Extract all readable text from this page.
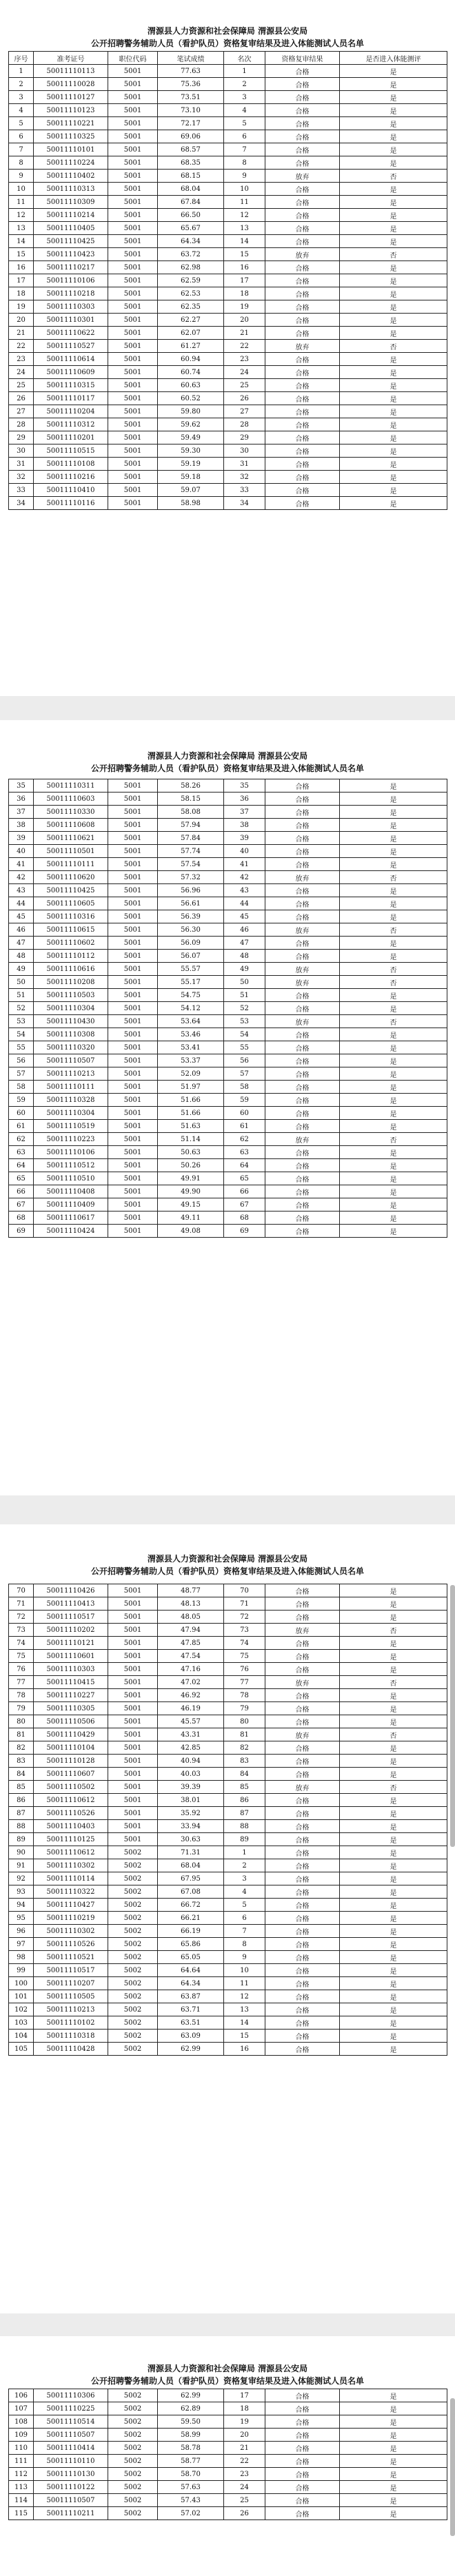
渭源县人力资源和社会保障局 渭源县公安局
公开招聘警务辅助人员（看护队员）资格复审结果及进入体能测试人员名单
序号	准考证号	职位代码	笔试成绩	名次	资格复审结果	是否进入体能测评
1	50011110113	5001	77.63	1	合格	是
2	50011110028	5001	75.36	2	合格	是
3	50011110127	5001	73.51	3	合格	是
4	50011110123	5001	73.10	4	合格	是
5	50011110221	5001	72.17	5	合格	是
6	50011110325	5001	69.06	6	合格	是
7	50011110101	5001	68.57	7	合格	是
8	50011110224	5001	68.35	8	合格	是
9	50011110402	5001	68.15	9	放弃	否
10	50011110313	5001	68.04	10	合格	是
11	50011110309	5001	67.84	11	合格	是
12	50011110214	5001	66.50	12	合格	是
13	50011110405	5001	65.67	13	合格	是
14	50011110425	5001	64.34	14	合格	是
15	50011110423	5001	63.72	15	放弃	否
16	50011110217	5001	62.98	16	合格	是
17	50011110106	5001	62.59	17	合格	是
18	50011110218	5001	62.53	18	合格	是
19	50011110303	5001	62.35	19	合格	是
20	50011110301	5001	62.27	20	合格	是
21	50011110622	5001	62.07	21	合格	是
22	50011110527	5001	61.27	22	放弃	否
23	50011110614	5001	60.94	23	合格	是
24	50011110609	5001	60.74	24	合格	是
25	50011110315	5001	60.63	25	合格	是
26	50011110117	5001	60.52	26	合格	是
27	50011110204	5001	59.80	27	合格	是
28	50011110312	5001	59.62	28	合格	是
29	50011110201	5001	59.49	29	合格	是
30	50011110515	5001	59.30	30	合格	是
31	50011110108	5001	59.19	31	合格	是
32	50011110216	5001	59.18	32	合格	是
33	50011110410	5001	59.07	33	合格	是
34	50011110116	5001	58.98	34	合格	是
渭源县人力资源和社会保障局 渭源县公安局
公开招聘警务辅助人员（看护队员）资格复审结果及进入体能测试人员名单
35	50011110311	5001	58.26	35	合格	是
36	50011110603	5001	58.15	36	合格	是
37	50011110330	5001	58.08	37	合格	是
38	50011110608	5001	57.94	38	合格	是
39	50011110621	5001	57.84	39	合格	是
40	50011110501	5001	57.74	40	合格	是
41	50011110111	5001	57.54	41	合格	是
42	50011110620	5001	57.32	42	放弃	否
43	50011110425	5001	56.96	43	合格	是
44	50011110605	5001	56.61	44	合格	是
45	50011110316	5001	56.39	45	合格	是
46	50011110615	5001	56.30	46	放弃	否
47	50011110602	5001	56.09	47	合格	是
48	50011110112	5001	56.07	48	合格	是
49	50011110616	5001	55.57	49	放弃	否
50	50011110208	5001	55.17	50	放弃	否
51	50011110503	5001	54.75	51	合格	是
52	50011110304	5001	54.12	52	合格	是
53	50011110430	5001	53.64	53	放弃	否
54	50011110308	5001	53.46	54	合格	是
55	50011110320	5001	53.41	55	合格	是
56	50011110507	5001	53.37	56	合格	是
57	50011110213	5001	52.09	57	合格	是
58	50011110111	5001	51.97	58	合格	是
59	50011110328	5001	51.66	59	合格	是
60	50011110304	5001	51.66	60	合格	是
61	50011110519	5001	51.63	61	合格	是
62	50011110223	5001	51.14	62	放弃	否
63	50011110106	5001	50.63	63	合格	是
64	50011110512	5001	50.26	64	合格	是
65	50011110510	5001	49.91	65	合格	是
66	50011110408	5001	49.90	66	合格	是
67	50011110409	5001	49.15	67	合格	是
68	50011110617	5001	49.11	68	合格	是
69	50011110424	5001	49.08	69	合格	是
渭源县人力资源和社会保障局 渭源县公安局
公开招聘警务辅助人员（看护队员）资格复审结果及进入体能测试人员名单
70	50011110426	5001	48.77	70	合格	是
71	50011110413	5001	48.13	71	合格	是
72	50011110517	5001	48.05	72	合格	是
73	50011110202	5001	47.94	73	放弃	否
74	50011110121	5001	47.85	74	合格	是
75	50011110601	5001	47.54	75	合格	是
76	50011110303	5001	47.16	76	合格	是
77	50011110415	5001	47.02	77	放弃	否
78	50011110227	5001	46.92	78	合格	是
79	50011110305	5001	46.19	79	合格	是
80	50011110506	5001	45.57	80	合格	是
81	50011110429	5001	43.31	81	放弃	否
82	50011110104	5001	42.85	82	合格	是
83	50011110128	5001	40.94	83	合格	是
84	50011110607	5001	40.03	84	合格	是
85	50011110502	5001	39.39	85	放弃	否
86	50011110612	5001	38.01	86	合格	是
87	50011110526	5001	35.92	87	合格	是
88	50011110403	5001	33.94	88	合格	是
89	50011110125	5001	30.63	89	合格	是
90	50011110612	5002	71.31	1	合格	是
91	50011110302	5002	68.04	2	合格	是
92	50011110114	5002	67.95	3	合格	是
93	50011110322	5002	67.08	4	合格	是
94	50011110427	5002	66.72	5	合格	是
95	50011110219	5002	66.21	6	合格	是
96	50011110302	5002	66.19	7	合格	是
97	50011110526	5002	65.86	8	合格	是
98	50011110521	5002	65.05	9	合格	是
99	50011110517	5002	64.64	10	合格	是
100	50011110207	5002	64.34	11	合格	是
101	50011110505	5002	63.87	12	合格	是
102	50011110213	5002	63.71	13	合格	是
103	50011110102	5002	63.51	14	合格	是
104	50011110318	5002	63.09	15	合格	是
105	50011110428	5002	62.99	16	合格	是
渭源县人力资源和社会保障局 渭源县公安局
公开招聘警务辅助人员（看护队员）资格复审结果及进入体能测试人员名单
106	50011110306	5002	62.99	17	合格	是
107	50011110225	5002	62.89	18	合格	是
108	50011110514	5002	59.50	19	合格	是
109	50011110507	5002	58.99	20	合格	是
110	50011110414	5002	58.78	21	合格	是
111	50011110110	5002	58.77	22	合格	是
112	50011110130	5002	58.70	23	合格	是
113	50011110122	5002	57.63	24	合格	是
114	50011110507	5002	57.43	25	合格	是
115	50011110211	5002	57.02	26	合格	是
